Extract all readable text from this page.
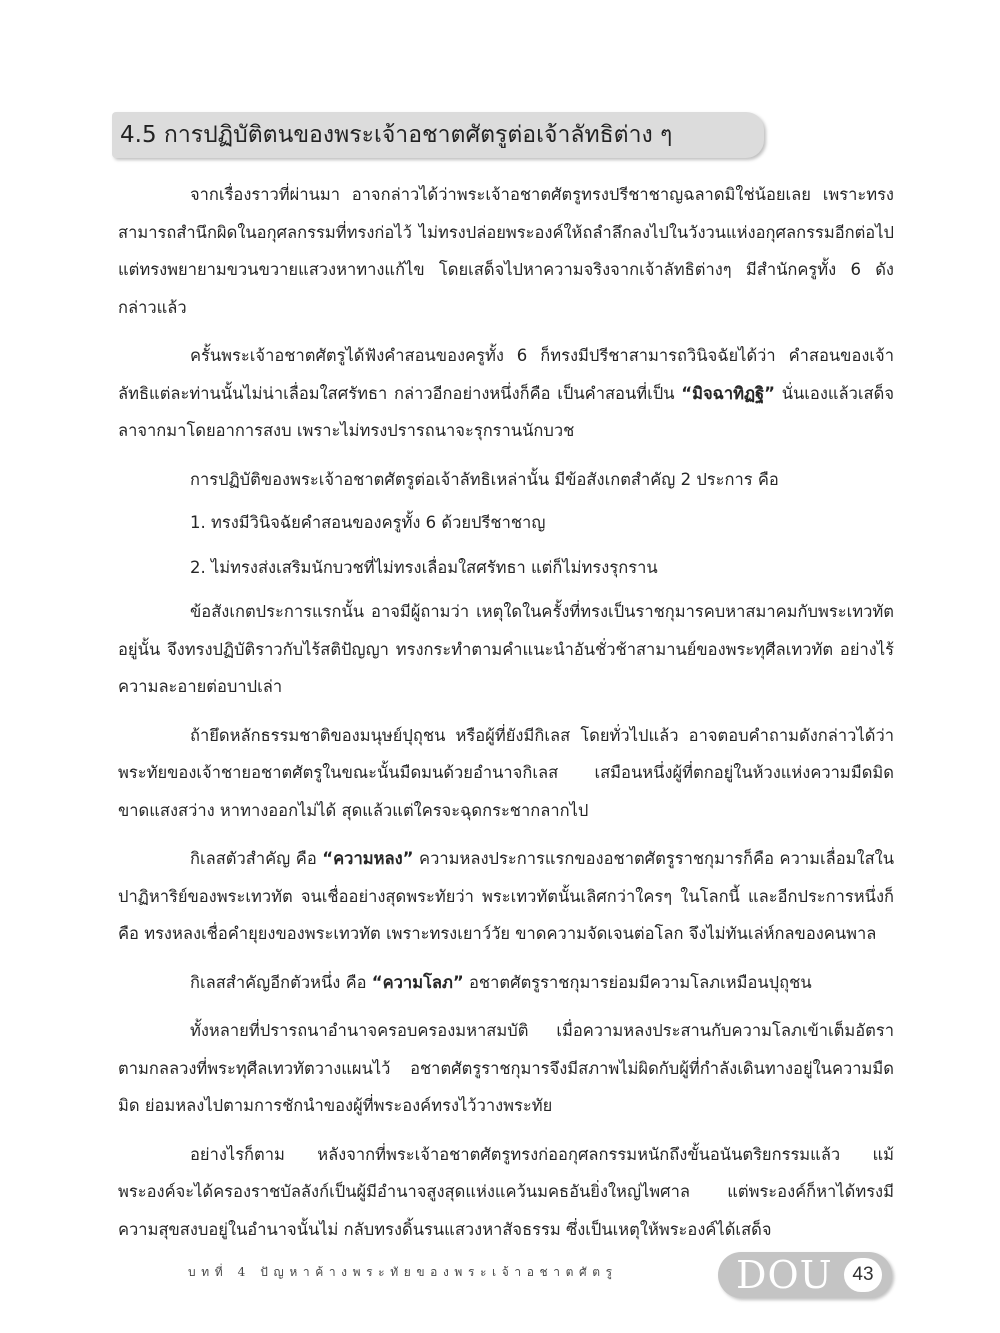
4.5 การปฏิบัติตนของพระเจ้าอชาตศัตรูต่อเจ้าลัทธิต่าง ๆ

จากเรื่องราวที่ผ่านมา อาจกล่าวได้ว่าพระเจ้าอชาตศัตรูทรงปรีชาชาญฉลาดมิใช่น้อยเลย เพราะทรงสามารถสำนึกผิดในอกุศลกรรมที่ทรงก่อไว้ ไม่ทรงปล่อยพระองค์ให้ถลำลึกลงไปในวังวนแห่งอกุศลกรรมอีกต่อไป แต่ทรงพยายามขวนขวายแสวงหาทางแก้ไข โดยเสด็จไปหาความจริงจากเจ้าลัทธิต่างๆ มีสำนักครูทั้ง 6 ดังกล่าวแล้ว

ครั้นพระเจ้าอชาตศัตรูได้ฟังคำสอนของครูทั้ง 6 ก็ทรงมีปรีชาสามารถวินิจฉัยได้ว่า คำสอนของเจ้าลัทธิแต่ละท่านนั้นไม่น่าเลื่อมใสศรัทธา กล่าวอีกอย่างหนึ่งก็คือ เป็นคำสอนที่เป็น “มิจฉาทิฏฐิ” นั่นเองแล้วเสด็จลาจากมาโดยอาการสงบ เพราะไม่ทรงปรารถนาจะรุกรานนักบวช

การปฏิบัติของพระเจ้าอชาตศัตรูต่อเจ้าลัทธิเหล่านั้น มีข้อสังเกตสำคัญ 2 ประการ คือ

1. ทรงมีวินิจฉัยคำสอนของครูทั้ง 6 ด้วยปรีชาชาญ
2. ไม่ทรงส่งเสริมนักบวชที่ไม่ทรงเลื่อมใสศรัทธา แต่ก็ไม่ทรงรุกราน

ข้อสังเกตประการแรกนั้น อาจมีผู้ถามว่า เหตุใดในครั้งที่ทรงเป็นราชกุมารคบหาสมาคมกับพระเทวทัตอยู่นั้น จึงทรงปฏิบัติราวกับไร้สติปัญญา ทรงกระทำตามคำแนะนำอันชั่วช้าสามานย์ของพระทุศีลเทวทัต อย่างไร้ความละอายต่อบาปเล่า

ถ้ายึดหลักธรรมชาติของมนุษย์ปุถุชน หรือผู้ที่ยังมีกิเลส โดยทั่วไปแล้ว อาจตอบคำถามดังกล่าวได้ว่า พระทัยของเจ้าชายอชาตศัตรูในขณะนั้นมืดมนด้วยอำนาจกิเลส เสมือนหนึ่งผู้ที่ตกอยู่ในห้วงแห่งความมืดมิด ขาดแสงสว่าง หาทางออกไม่ได้ สุดแล้วแต่ใครจะฉุดกระชากลากไป

กิเลสตัวสำคัญ คือ “ความหลง” ความหลงประการแรกของอชาตศัตรูราชกุมารก็คือ ความเลื่อมใสในปาฏิหาริย์ของพระเทวทัต จนเชื่ออย่างสุดพระทัยว่า พระเทวทัตนั้นเลิศกว่าใครๆ ในโลกนี้ และอีกประการหนึ่งก็คือ ทรงหลงเชื่อคำยุยงของพระเทวทัต เพราะทรงเยาว์วัย ขาดความจัดเจนต่อโลก จึงไม่ทันเล่ห์กลของคนพาล

กิเลสสำคัญอีกตัวหนึ่ง คือ “ความโลภ” อชาตศัตรูราชกุมารย่อมมีความโลภเหมือนปุถุชน

ทั้งหลายที่ปรารถนาอำนาจครอบครองมหาสมบัติ เมื่อความหลงประสานกับความโลภเข้าเต็มอัตราตามกลลวงที่พระทุศีลเทวทัตวางแผนไว้ อชาตศัตรูราชกุมารจึงมีสภาพไม่ผิดกับผู้ที่กำลังเดินทางอยู่ในความมืดมิด ย่อมหลงไปตามการชักนำของผู้ที่พระองค์ทรงไว้วางพระทัย

อย่างไรก็ตาม หลังจากที่พระเจ้าอชาตศัตรูทรงก่ออกุศลกรรมหนักถึงขั้นอนันตริยกรรมแล้ว แม้พระองค์จะได้ครองราชบัลลังก์เป็นผู้มีอำนาจสูงสุดแห่งแคว้นมคธอันยิ่งใหญ่ไพศาล แต่พระองค์ก็หาได้ทรงมีความสุขสงบอยู่ในอำนาจนั้นไม่ กลับทรงดิ้นรนแสวงหาสัจธรรม ซึ่งเป็นเหตุให้พระองค์ได้เสด็จ

บทที่ 4 ปัญหาค้างพระทัยของพระเจ้าอชาตศัตรู	DOU	43
